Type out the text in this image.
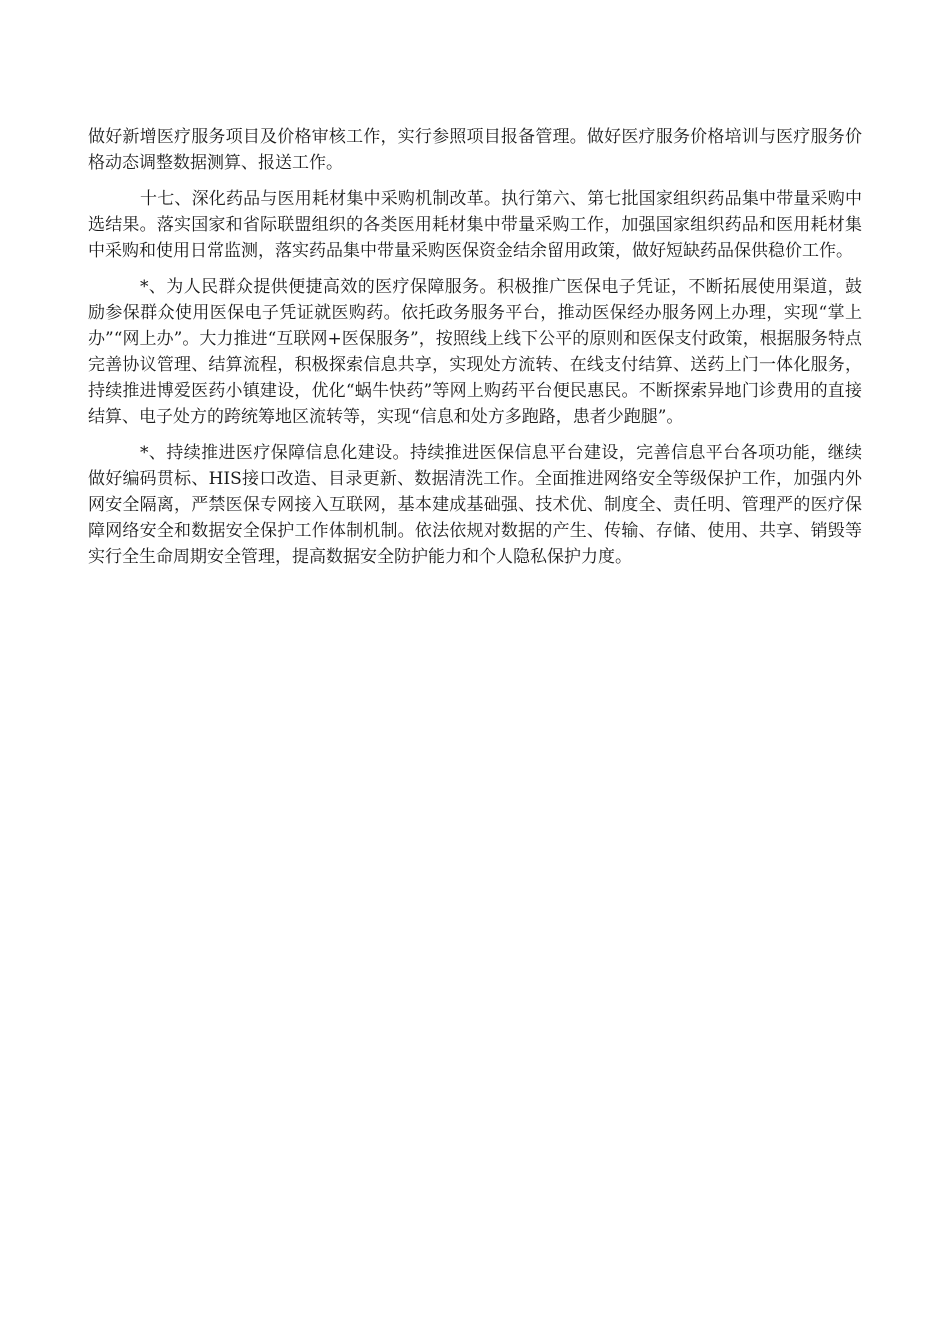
做好新增医疗服务项目及价格审核工作，实行参照项目报备管理。做好医疗服务价格培训与医疗服务价格动态调整数据测算、报送工作。

十七、深化药品与医用耗材集中采购机制改革。执行第六、第七批国家组织药品集中带量采购中选结果。落实国家和省际联盟组织的各类医用耗材集中带量采购工作，加强国家组织药品和医用耗材集中采购和使用日常监测，落实药品集中带量采购医保资金结余留用政策，做好短缺药品保供稳价工作。

*、为人民群众提供便捷高效的医疗保障服务。积极推广医保电子凭证，不断拓展使用渠道，鼓励参保群众使用医保电子凭证就医购药。依托政务服务平台，推动医保经办服务网上办理，实现“掌上办”“网上办”。大力推进“互联网+医保服务”，按照线上线下公平的原则和医保支付政策，根据服务特点完善协议管理、结算流程，积极探索信息共享，实现处方流转、在线支付结算、送药上门一体化服务，持续推进博爱医药小镇建设，优化“蜗牛快药”等网上购药平台便民惠民。不断探索异地门诊费用的直接结算、电子处方的跨统筹地区流转等，实现“信息和处方多跑路，患者少跑腿”。

*、持续推进医疗保障信息化建设。持续推进医保信息平台建设，完善信息平台各项功能，继续做好编码贯标、HIS接口改造、目录更新、数据清洗工作。全面推进网络安全等级保护工作，加强内外网安全隔离，严禁医保专网接入互联网，基本建成基础强、技术优、制度全、责任明、管理严的医疗保障网络安全和数据安全保护工作体制机制。依法依规对数据的产生、传输、存储、使用、共享、销毁等实行全生命周期安全管理，提高数据安全防护能力和个人隐私保护力度。
